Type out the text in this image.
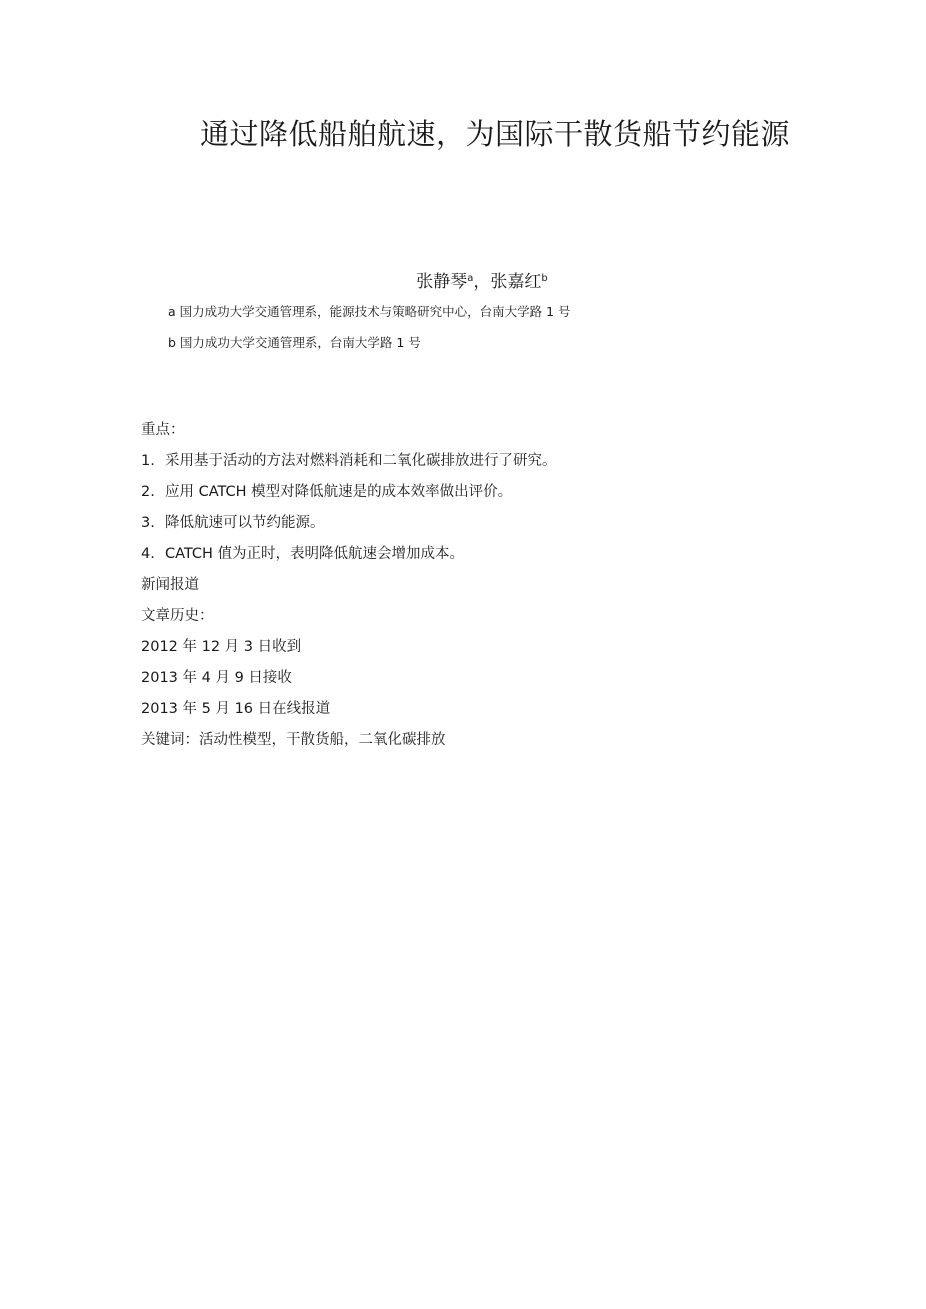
通过降低船舶航速，为国际干散货船节约能源
张静琴$^a$，张嘉红$^b$
a 国力成功大学交通管理系，能源技术与策略研究中心，台南大学路 1 号
b 国力成功大学交通管理系，台南大学路 1 号
重点：
1. 采用基于活动的方法对燃料消耗和二氧化碳排放进行了研究。
2. 应用 CATCH 模型对降低航速是的成本效率做出评价。
3. 降低航速可以节约能源。
4. CATCH 值为正时，表明降低航速会增加成本。
新闻报道
文章历史：
2012 年 12 月 3 日收到
2013 年 4 月 9 日接收
2013 年 5 月 16 日在线报道
关键词：活动性模型，干散货船，二氧化碳排放
